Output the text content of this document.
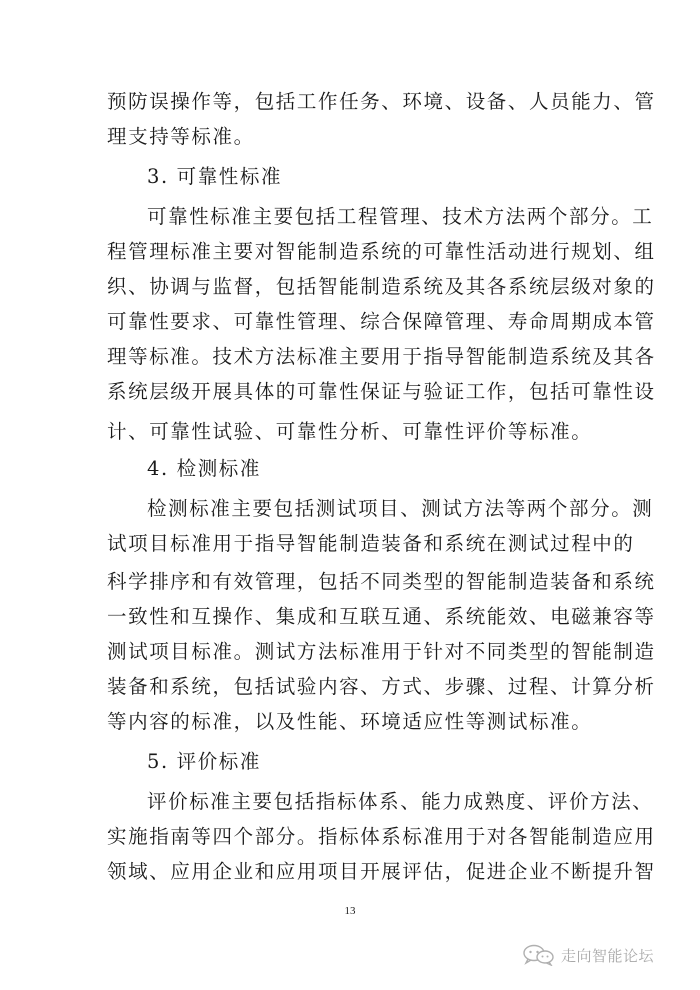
预防误操作等，包括工作任务、环境、设备、人员能力、管
理支持等标准。
3. 可靠性标准
可靠性标准主要包括工程管理、技术方法两个部分。工
程管理标准主要对智能制造系统的可靠性活动进行规划、组
织、协调与监督，包括智能制造系统及其各系统层级对象的
可靠性要求、可靠性管理、综合保障管理、寿命周期成本管
理等标准。技术方法标准主要用于指导智能制造系统及其各
系统层级开展具体的可靠性保证与验证工作，包括可靠性设
计、可靠性试验、可靠性分析、可靠性评价等标准。
4. 检测标准
检测标准主要包括测试项目、测试方法等两个部分。测
试项目标准用于指导智能制造装备和系统在测试过程中的
科学排序和有效管理，包括不同类型的智能制造装备和系统
一致性和互操作、集成和互联互通、系统能效、电磁兼容等
测试项目标准。测试方法标准用于针对不同类型的智能制造
装备和系统，包括试验内容、方式、步骤、过程、计算分析
等内容的标准，以及性能、环境适应性等测试标准。
5. 评价标准
评价标准主要包括指标体系、能力成熟度、评价方法、
实施指南等四个部分。指标体系标准用于对各智能制造应用
领域、应用企业和应用项目开展评估，促进企业不断提升智
13
走向智能论坛
